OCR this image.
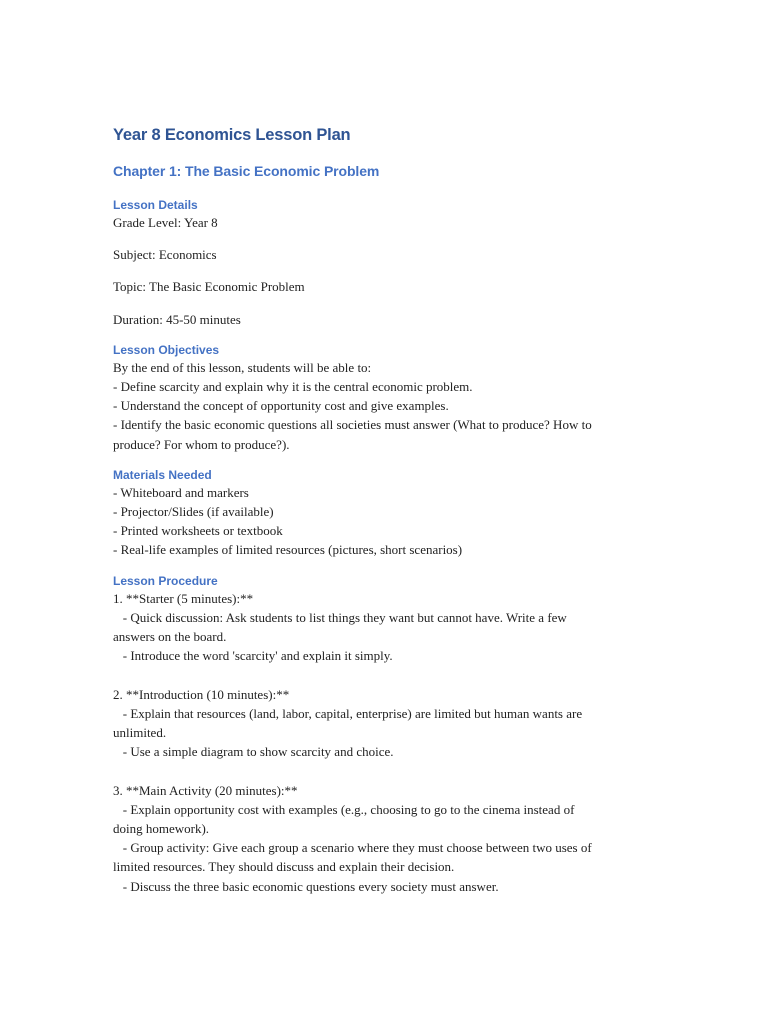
Year 8 Economics Lesson Plan
Chapter 1: The Basic Economic Problem
Lesson Details
Grade Level: Year 8
Subject: Economics
Topic: The Basic Economic Problem
Duration: 45-50 minutes
Lesson Objectives
By the end of this lesson, students will be able to:
- Define scarcity and explain why it is the central economic problem.
- Understand the concept of opportunity cost and give examples.
- Identify the basic economic questions all societies must answer (What to produce? How to
produce? For whom to produce?).
Materials Needed
- Whiteboard and markers
- Projector/Slides (if available)
- Printed worksheets or textbook
- Real-life examples of limited resources (pictures, short scenarios)
Lesson Procedure
1. **Starter (5 minutes):**
- Quick discussion: Ask students to list things they want but cannot have. Write a few
answers on the board.
- Introduce the word 'scarcity' and explain it simply.
2. **Introduction (10 minutes):**
- Explain that resources (land, labor, capital, enterprise) are limited but human wants are
unlimited.
- Use a simple diagram to show scarcity and choice.
3. **Main Activity (20 minutes):**
- Explain opportunity cost with examples (e.g., choosing to go to the cinema instead of
doing homework).
- Group activity: Give each group a scenario where they must choose between two uses of
limited resources. They should discuss and explain their decision.
- Discuss the three basic economic questions every society must answer.
